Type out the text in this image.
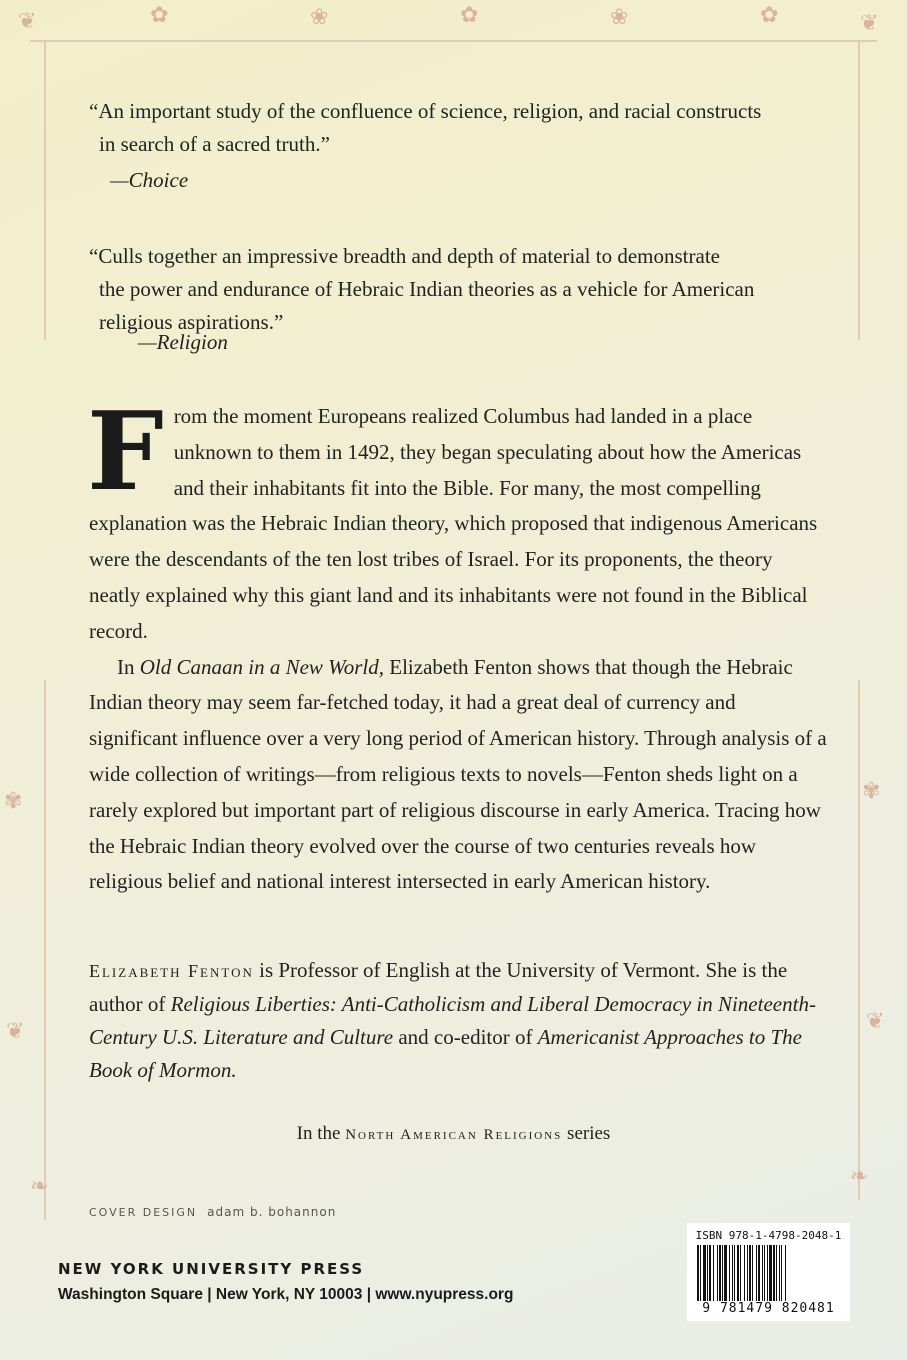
❦	✿	❀	✿	❀	✿	❦
✾	✾
❦	❦
❧	❧

“An important study of the confluence of science, religion, and racial constructs

in search of a sacred truth.”

—Choice

“Culls together an impressive breadth and depth of material to demonstrate

the power and endurance of Hebraic Indian theories as a vehicle for American

religious aspirations.”

—Religion

From the moment Europeans realized Columbus had landed in a place unknown to them in 1492, they began speculating about how the Americas and their inhabitants fit into the Bible. For many, the most compelling explanation was the Hebraic Indian theory, which proposed that indigenous Americans were the descendants of the ten lost tribes of Israel. For its proponents, the theory neatly explained why this giant land and its inhabitants were not found in the Biblical record.

In Old Canaan in a New World, Elizabeth Fenton shows that though the Hebraic Indian theory may seem far-fetched today, it had a great deal of currency and significant influence over a very long period of American history. Through analysis of a wide collection of writings—from religious texts to novels—Fenton sheds light on a rarely explored but important part of religious discourse in early America. Tracing how the Hebraic Indian theory evolved over the course of two centuries reveals how religious belief and national interest intersected in early American history.

Elizabeth Fenton is Professor of English at the University of Vermont. She is the author of Religious Liberties: Anti-Catholicism and Liberal Democracy in Nineteenth-Century U.S. Literature and Culture and co-editor of Americanist Approaches to The Book of Mormon.

In the North American Religions series
COVER DESIGN adam b. bohannon
NEW YORK UNIVERSITY PRESS
Washington Square | New York, NY 10003 | www.nyupress.org
ISBN 978-1-4798-2048-1
9 781479 820481
